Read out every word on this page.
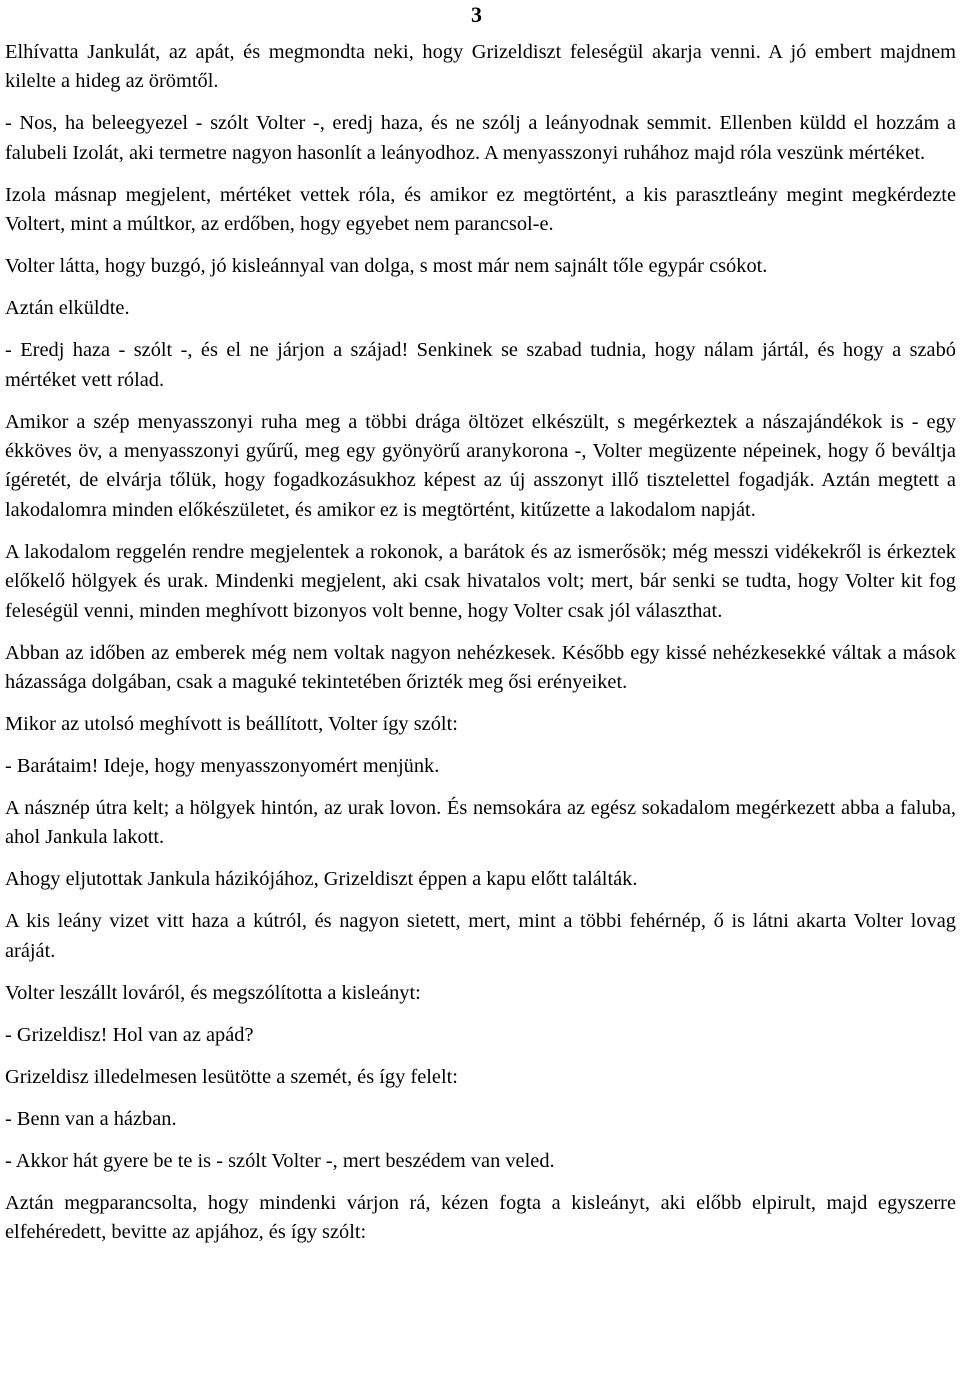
3

Elhívatta Jankulát, az apát, és megmondta neki, hogy Grizeldiszt feleségül akarja venni. A jó embert majdnem kilelte a hideg az örömtől.

- Nos, ha beleegyezel - szólt Volter -, eredj haza, és ne szólj a leányodnak semmit. Ellenben küldd el hozzám a falubeli Izolát, aki termetre nagyon hasonlít a leányodhoz. A menyasszonyi ruhához majd róla veszünk mértéket.

Izola másnap megjelent, mértéket vettek róla, és amikor ez megtörtént, a kis parasztleány megint megkérdezte Voltert, mint a múltkor, az erdőben, hogy egyebet nem parancsol-e.

Volter látta, hogy buzgó, jó kisleánnyal van dolga, s most már nem sajnált tőle egypár csókot.

Aztán elküldte.

- Eredj haza - szólt -, és el ne járjon a szájad! Senkinek se szabad tudnia, hogy nálam jártál, és hogy a szabó mértéket vett rólad.

Amikor a szép menyasszonyi ruha meg a többi drága öltözet elkészült, s megérkeztek a nászajándékok is - egy ékköves öv, a menyasszonyi gyűrű, meg egy gyönyörű aranykorona -, Volter megüzente népeinek, hogy ő beváltja ígéretét, de elvárja tőlük, hogy fogadkozásukhoz képest az új asszonyt illő tisztelettel fogadják. Aztán megtett a lakodalomra minden előkészületet, és amikor ez is megtörtént, kitűzette a lakodalom napját.

A lakodalom reggelén rendre megjelentek a rokonok, a barátok és az ismerősök; még messzi vidékekről is érkeztek előkelő hölgyek és urak. Mindenki megjelent, aki csak hivatalos volt; mert, bár senki se tudta, hogy Volter kit fog feleségül venni, minden meghívott bizonyos volt benne, hogy Volter csak jól választhat.

Abban az időben az emberek még nem voltak nagyon nehézkesek. Később egy kissé nehézkesekké váltak a mások házassága dolgában, csak a maguké tekintetében őrizték meg ősi erényeiket.

Mikor az utolsó meghívott is beállított, Volter így szólt:

- Barátaim! Ideje, hogy menyasszonyomért menjünk.

A násznép útra kelt; a hölgyek hintón, az urak lovon. És nemsokára az egész sokadalom megérkezett abba a faluba, ahol Jankula lakott.

Ahogy eljutottak Jankula házikójához, Grizeldiszt éppen a kapu előtt találták.

A kis leány vizet vitt haza a kútról, és nagyon sietett, mert, mint a többi fehérnép, ő is látni akarta Volter lovag aráját.

Volter leszállt lováról, és megszólította a kisleányt:

- Grizeldisz! Hol van az apád?

Grizeldisz illedelmesen lesütötte a szemét, és így felelt:

- Benn van a házban.

- Akkor hát gyere be te is - szólt Volter -, mert beszédem van veled.

Aztán megparancsolta, hogy mindenki várjon rá, kézen fogta a kisleányt, aki előbb elpirult, majd egyszerre elfehéredett, bevitte az apjához, és így szólt:
